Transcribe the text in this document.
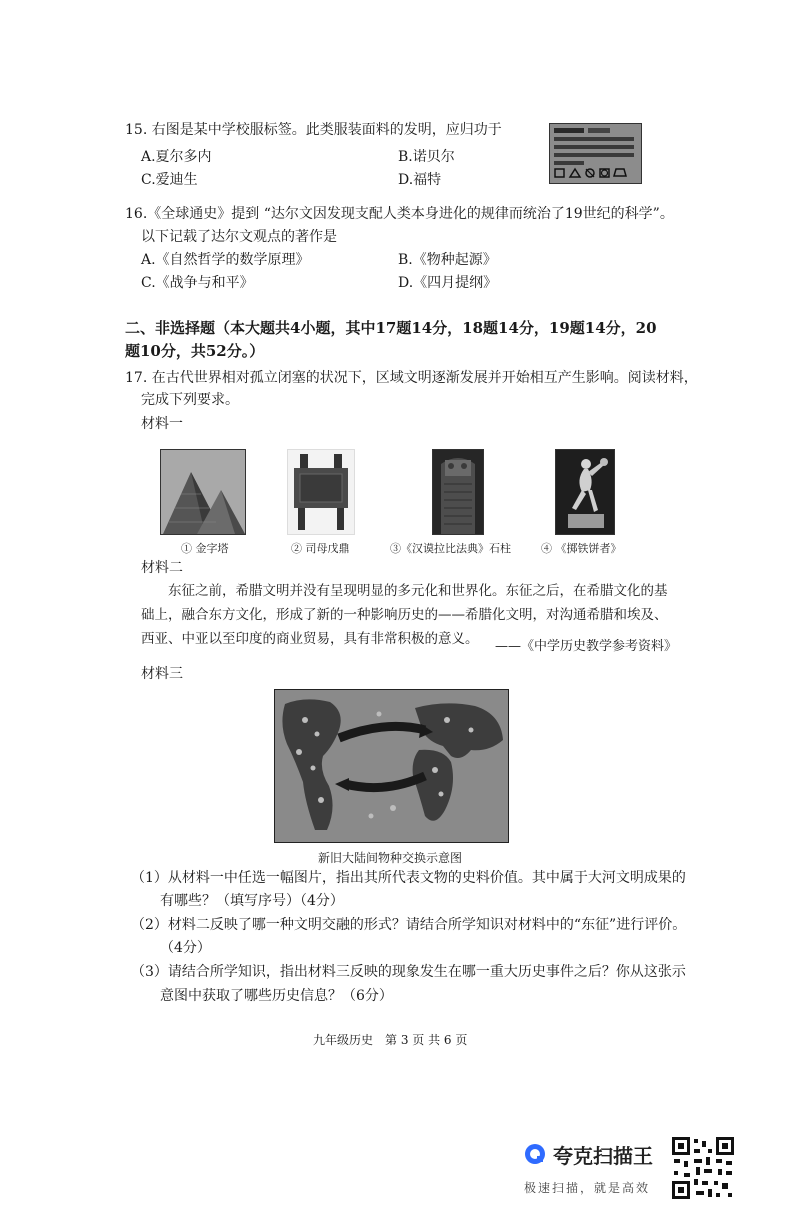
15. 右图是某中学校服标签。此类服装面料的发明，应归功于
A.夏尔多内	B.诺贝尔
C.爱迪生	D.福特
16.《全球通史》提到 “达尔文因发现支配人类本身进化的规律而统治了19世纪的科学”。
以下记载了达尔文观点的著作是
A.《自然哲学的数学原理》	B.《物种起源》
C.《战争与和平》	D.《四月提纲》
二、非选择题（本大题共4小题，其中17题14分，18题14分，19题14分，20
题10分，共52分。）
17. 在古代世界相对孤立闭塞的状况下，区域文明逐渐发展并开始相互产生影响。阅读材料，
完成下列要求。
材料一
① 金字塔	② 司母戊鼎	③《汉谟拉比法典》石柱	④ 《掷铁饼者》
材料二
东征之前，希腊文明并没有呈现明显的多元化和世界化。东征之后，在希腊文化的基
础上，融合东方文化，形成了新的一种影响历史的——希腊化文明，对沟通希腊和埃及、
西亚、中亚以至印度的商业贸易，具有非常积极的意义。 ——《中学历史教学参考资料》
材料三
新旧大陆间物种交换示意图
（1）从材料一中任选一幅图片，指出其所代表文物的史料价值。其中属于大河文明成果的
有哪些？（填写序号）（4分）
（2）材料二反映了哪一种文明交融的形式？请结合所学知识对材料中的“东征”进行评价。
（4分）
（3）请结合所学知识，指出材料三反映的现象发生在哪一重大历史事件之后？你从这张示
意图中获取了哪些历史信息？（6分）
九年级历史　第 3 页 共 6 页
夸克扫描王
极速扫描，就是高效
